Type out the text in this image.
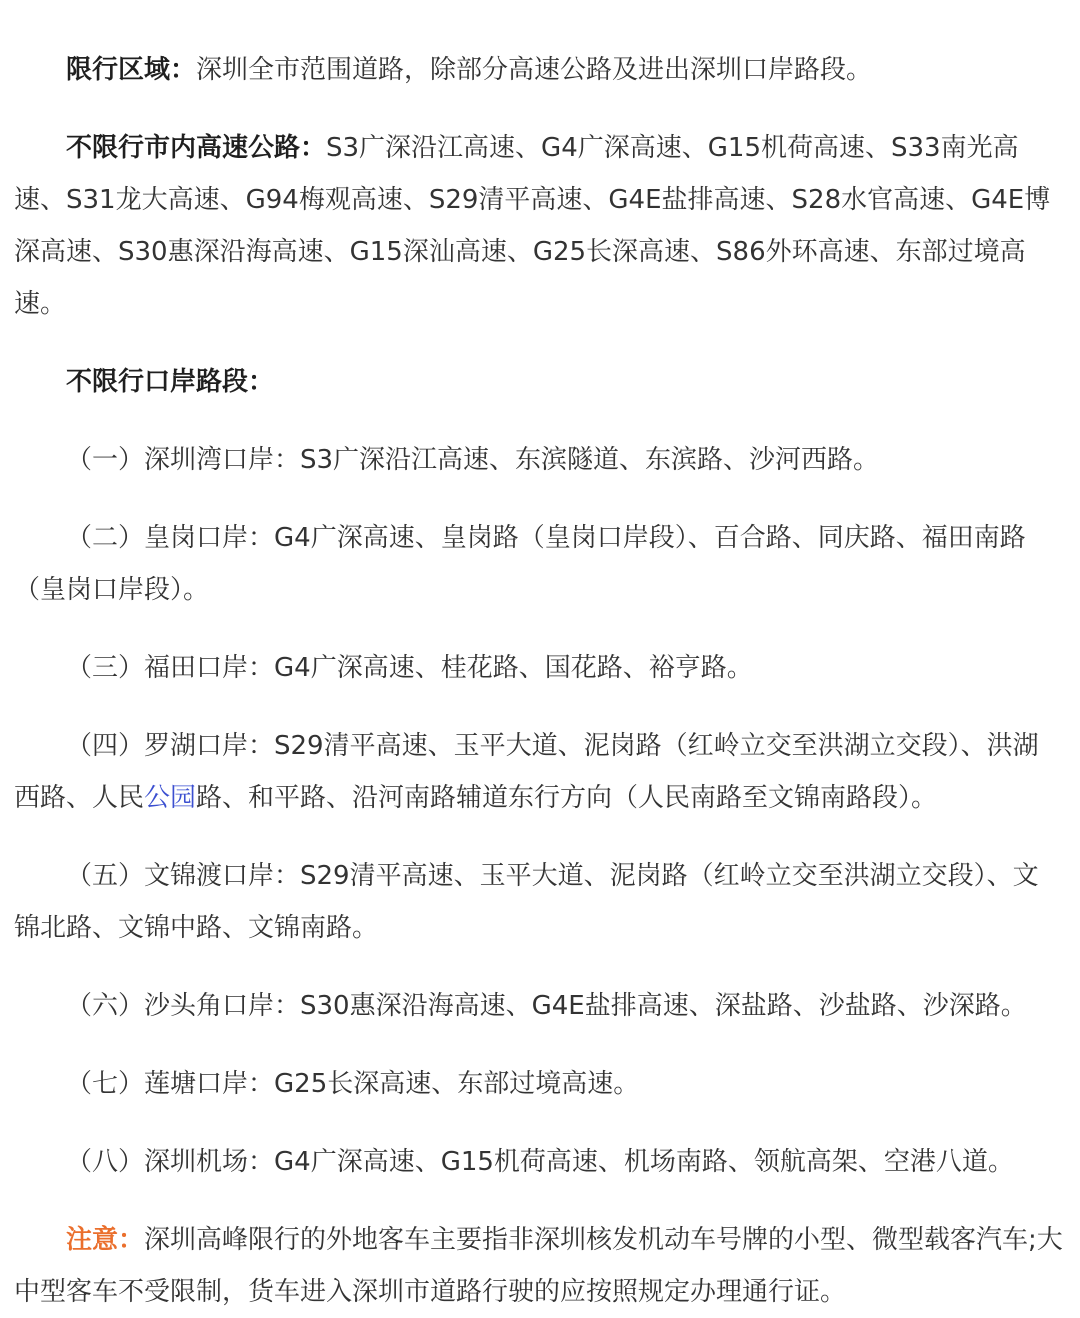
限行区域：深圳全市范围道路，除部分高速公路及进出深圳口岸路段。

不限行市内高速公路：S3广深沿江高速、G4广深高速、G15机荷高速、S33南光高速、S31龙大高速、G94梅观高速、S29清平高速、G4E盐排高速、S28水官高速、G4E博深高速、S30惠深沿海高速、G15深汕高速、G25长深高速、S86外环高速、东部过境高速。

不限行口岸路段：

（一）深圳湾口岸：S3广深沿江高速、东滨隧道、东滨路、沙河西路。

（二）皇岗口岸：G4广深高速、皇岗路（皇岗口岸段）、百合路、同庆路、福田南路（皇岗口岸段）。

（三）福田口岸：G4广深高速、桂花路、国花路、裕亨路。

（四）罗湖口岸：S29清平高速、玉平大道、泥岗路（红岭立交至洪湖立交段）、洪湖西路、人民公园路、和平路、沿河南路辅道东行方向（人民南路至文锦南路段）。

（五）文锦渡口岸：S29清平高速、玉平大道、泥岗路（红岭立交至洪湖立交段）、文锦北路、文锦中路、文锦南路。

（六）沙头角口岸：S30惠深沿海高速、G4E盐排高速、深盐路、沙盐路、沙深路。

（七）莲塘口岸：G25长深高速、东部过境高速。

（八）深圳机场：G4广深高速、G15机荷高速、机场南路、领航高架、空港八道。

注意：深圳高峰限行的外地客车主要指非深圳核发机动车号牌的小型、微型载客汽车;大中型客车不受限制，货车进入深圳市道路行驶的应按照规定办理通行证。
